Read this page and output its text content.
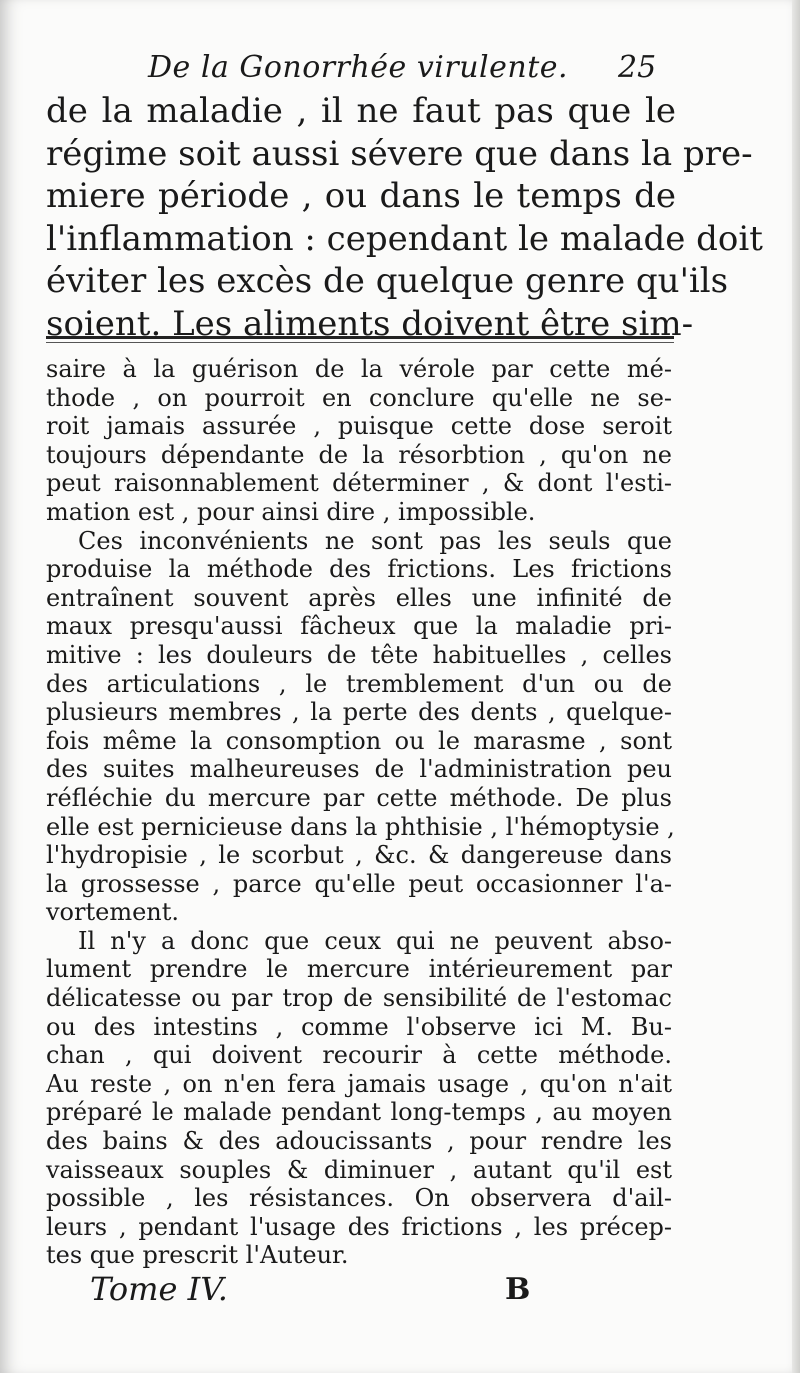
De la Gonorrhée virulente.	25
de la maladie , il ne faut pas que le
régime soit aussi sévere que dans la pre-
miere période , ou dans le temps de
l'inflammation : cependant le malade doit
éviter les excès de quelque genre qu'ils
soient. Les aliments doivent être sim-
saire à la guérison de la vérole par cette mé-
thode , on pourroit en conclure qu'elle ne se-
roit jamais assurée , puisque cette dose seroit
toujours dépendante de la résorbtion , qu'on ne
peut raisonnablement déterminer , & dont l'esti-
mation est , pour ainsi dire , impossible.
Ces inconvénients ne sont pas les seuls que
produise la méthode des frictions. Les frictions
entraînent souvent après elles une infinité de
maux presqu'aussi fâcheux que la maladie pri-
mitive : les douleurs de tête habituelles , celles
des articulations , le tremblement d'un ou de
plusieurs membres , la perte des dents , quelque-
fois même la consomption ou le marasme , sont
des suites malheureuses de l'administration peu
réfléchie du mercure par cette méthode. De plus
elle est pernicieuse dans la phthisie , l'hémoptysie ,
l'hydropisie , le scorbut , &c. & dangereuse dans
la grossesse , parce qu'elle peut occasionner l'a-
vortement.
Il n'y a donc que ceux qui ne peuvent abso-
lument prendre le mercure intérieurement par
délicatesse ou par trop de sensibilité de l'estomac
ou des intestins , comme l'observe ici M. Bu-
chan , qui doivent recourir à cette méthode.
Au reste , on n'en fera jamais usage , qu'on n'ait
préparé le malade pendant long-temps , au moyen
des bains & des adoucissants , pour rendre les
vaisseaux souples & diminuer , autant qu'il est
possible , les résistances. On observera d'ail-
leurs , pendant l'usage des frictions , les précep-
tes que prescrit l'Auteur.
Tome IV.	B
